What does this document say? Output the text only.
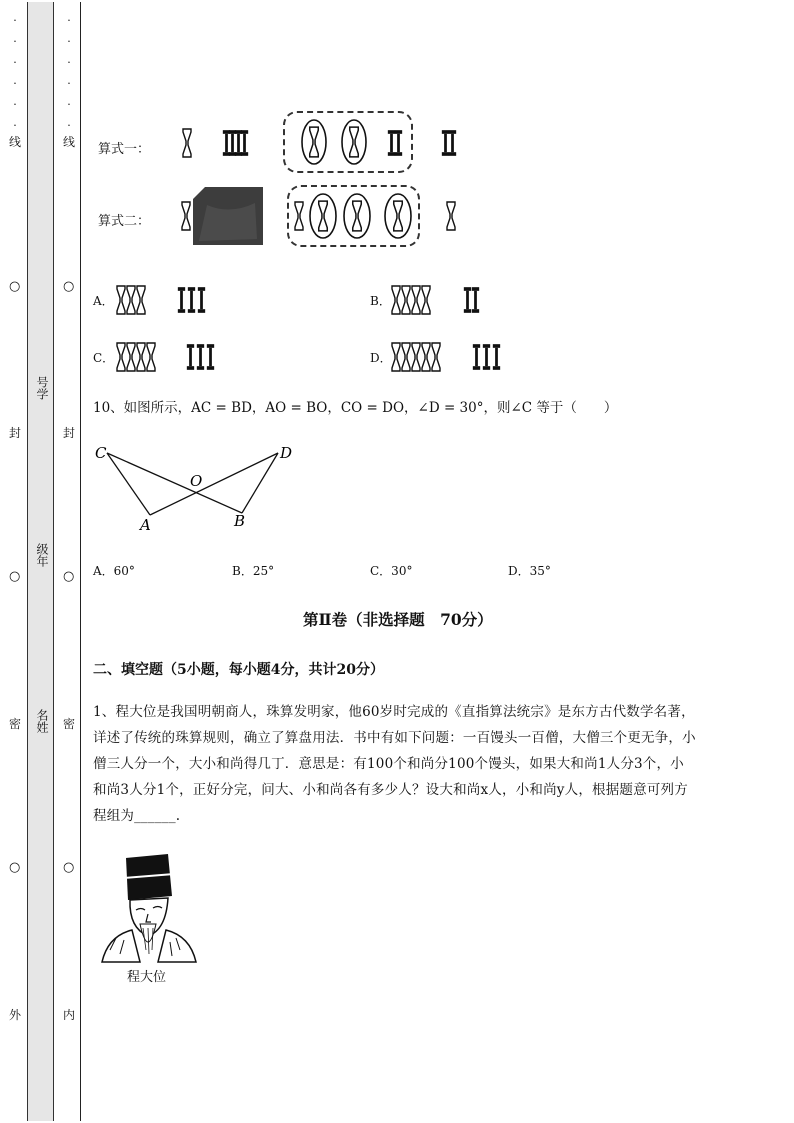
·
·
·
·
·
·

·
·
·
·
·
·

线
○
封
○
密
○
外
线
○
封
○
密
○
内
号学
级年
名姓
算式一：
算式二：
A．	B．
C．	D．
10、如图所示，AC = BD，AO = BO，CO = DO，∠D = 30°，则∠C 等于（　　）
C	D
O
A	B
A．60°	B．25°	C．30°	D．35°
第Ⅱ卷（非选择题　70分）
二、填空题（5小题，每小题4分，共计20分）
1、程大位是我国明朝商人，珠算发明家，他60岁时完成的《直指算法统宗》是东方古代数学名著，
详述了传统的珠算规则，确立了算盘用法．书中有如下问题：一百馒头一百僧，大僧三个更无争，小
僧三人分一个，大小和尚得几丁．意思是：有100个和尚分100个馒头，如果大和尚1人分3个，小
和尚3人分1个，正好分完，问大、小和尚各有多少人？设大和尚x人，小和尚y人，根据题意可列方
程组为______.
程大位
